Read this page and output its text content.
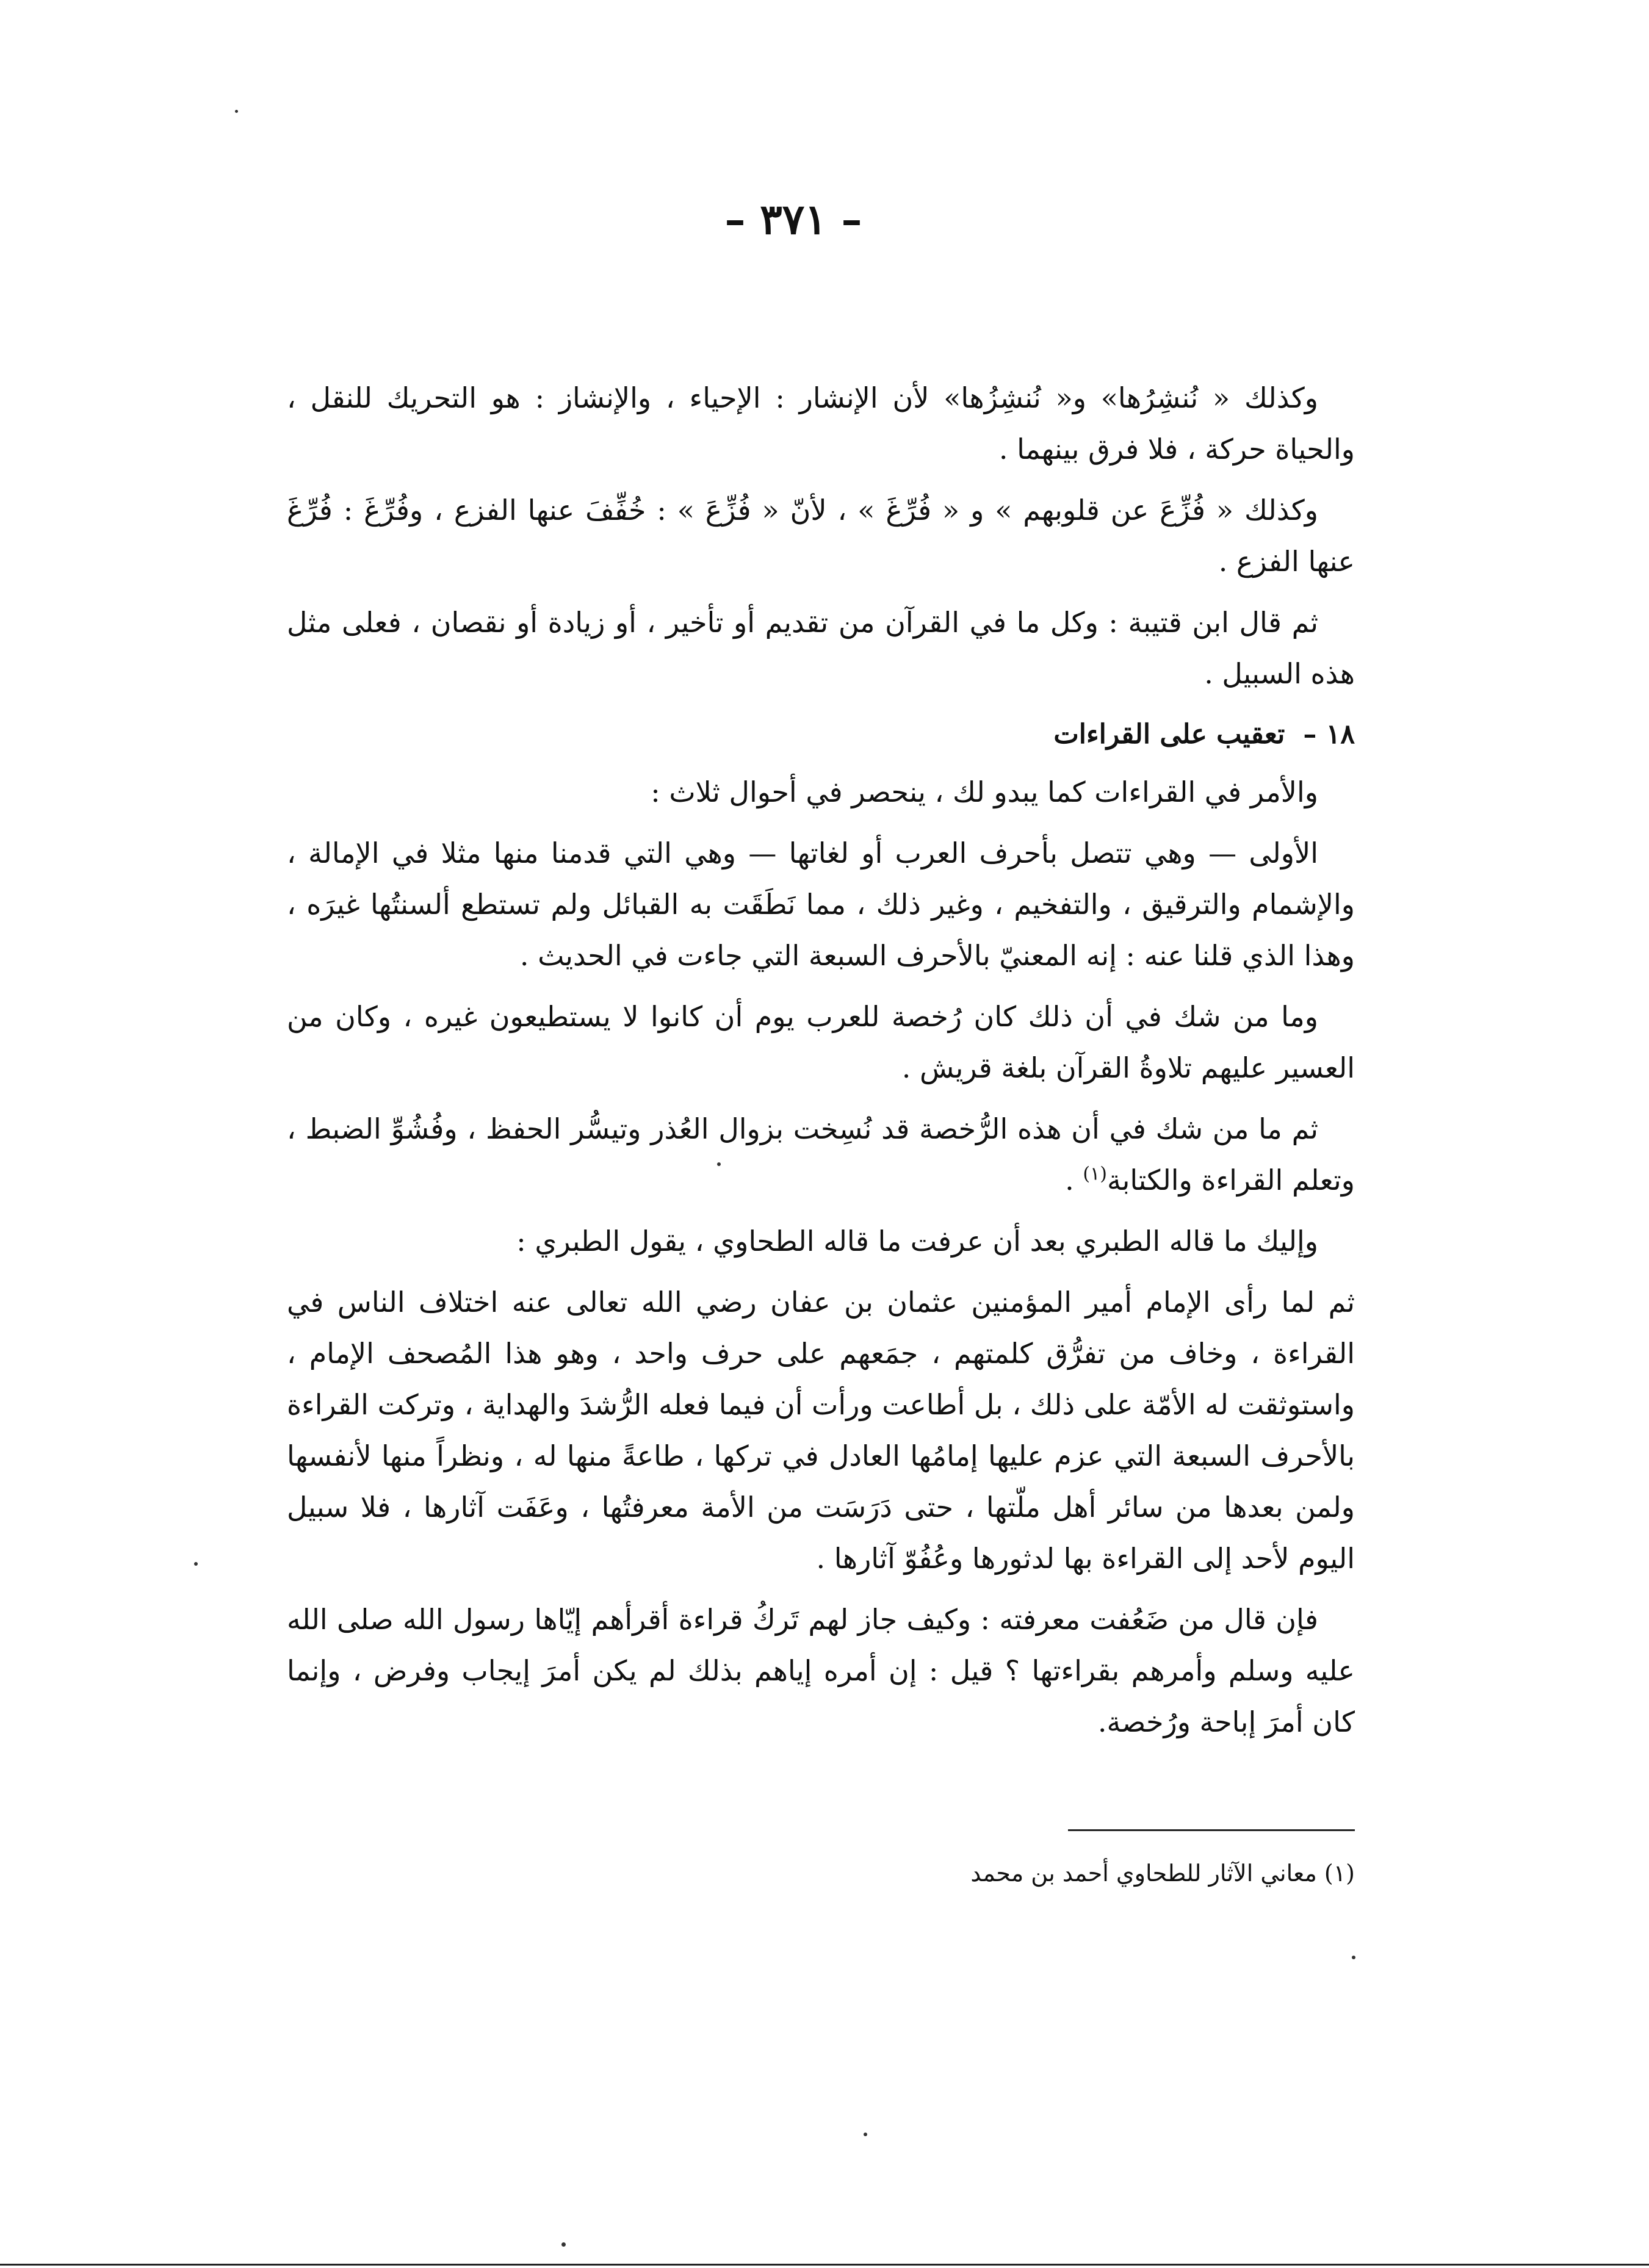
– ٣٧١ –

وكذلك « نُنشِرُها» و« نُنشِزُها» لأن الإنشار : الإحياء ، والإنشاز : هو التحريك للنقل ، والحياة حركة ، فلا فرق بينهما .

وكذلك « فُزِّعَ عن قلوبهم » و « فُرِّغَ » ، لأنّ « فُزِّعَ » : خُفِّفَ عنها الفزع ، وفُرِّغَ : فُرِّغَ عنها الفزع .

ثم قال ابن قتيبة : وكل ما في القرآن من تقديم أو تأخير ، أو زيادة أو نقصان ، فعلى مثل هذه السبيل .

١٨ –تعقيب على القراءات

والأمر في القراءات كما يبدو لك ، ينحصر في أحوال ثلاث :

الأولى — وهي تتصل بأحرف العرب أو لغاتها — وهي التي قدمنا منها مثلا في الإمالة ، والإشمام والترقيق ، والتفخيم ، وغير ذلك ، مما نَطَقَت به القبائل ولم تستطع ألسنتُها غيرَه ، وهذا الذي قلنا عنه : إنه المعنيّ بالأحرف السبعة التي جاءت في الحديث .

وما من شك في أن ذلك كان رُخصة للعرب يوم أن كانوا لا يستطيعون غيره ، وكان من العسير عليهم تلاوةُ القرآن بلغة قريش .

ثم ما من شك في أن هذه الرُّخصة قد نُسِخت بزوال العُذر وتيسُّر الحفظ ، وفُشُوِّ الضبط ، وتعلم القراءة والكتابة$^{(١)}$ .

وإليك ما قاله الطبري بعد أن عرفت ما قاله الطحاوي ، يقول الطبري :

ثم لما رأى الإمام أمير المؤمنين عثمان بن عفان رضي الله تعالى عنه اختلاف الناس في القراءة ، وخاف من تفرُّق كلمتهم ، جمَعهم على حرف واحد ، وهو هذا المُصحف الإمام ، واستوثقت له الأمّة على ذلك ، بل أطاعت ورأت أن فيما فعله الرُّشدَ والهداية ، وتركت القراءة بالأحرف السبعة التي عزم عليها إمامُها العادل في تركها ، طاعةً منها له ، ونظراً منها لأنفسها ولمن بعدها من سائر أهل ملّتها ، حتى دَرَسَت من الأمة معرفتُها ، وعَفَت آثارها ، فلا سبيل اليوم لأحد إلى القراءة بها لدثورها وعُفُوّ آثارها .

فإن قال من ضَعُفت معرفته : وكيف جاز لهم تَركُ قراءة أقرأهم إيّاها رسول الله صلى الله عليه وسلم وأمرهم بقراءتها ؟ قيل : إن أمره إياهم بذلك لم يكن أمرَ إيجاب وفرض ، وإنما كان أمرَ إباحة ورُخصة.

(١) معاني الآثار للطحاوي أحمد بن محمد
